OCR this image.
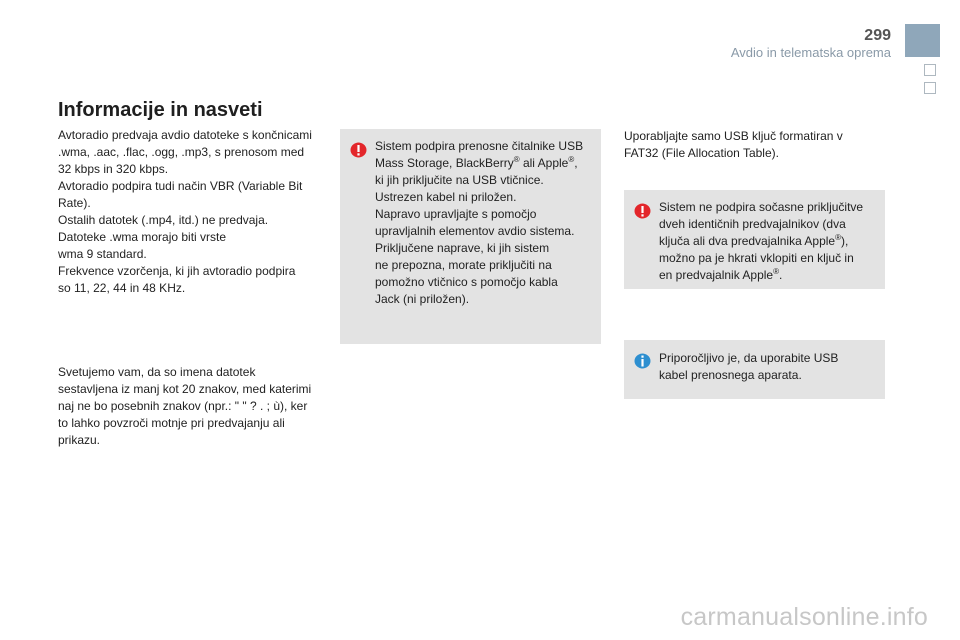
299
Avdio in telematska oprema
Informacije in nasveti
Avtoradio predvaja avdio datoteke s končnicami
.wma, .aac, .flac, .ogg, .mp3, s prenosom med
32 kbps in 320 kbps.
Avtoradio podpira tudi način VBR (Variable Bit
Rate).
Ostalih datotek (.mp4, itd.) ne predvaja.
Datoteke .wma morajo biti vrste
wma 9 standard.
Frekvence vzorčenja, ki jih avtoradio podpira
so 11, 22, 44 in 48 KHz.
Svetujemo vam, da so imena datotek
sestavljena iz manj kot 20 znakov, med katerimi
naj ne bo posebnih znakov (npr.: " " ? . ; ù), ker
to lahko povzroči motnje pri predvajanju ali
prikazu.
Sistem podpira prenosne čitalnike USB
Mass Storage, BlackBerry® ali Apple®,
ki jih priključite na USB vtičnice.
Ustrezen kabel ni priložen.
Napravo upravljajte s pomočjo
upravljalnih elementov avdio sistema.
Priključene naprave, ki jih sistem
ne prepozna, morate priključiti na
pomožno vtičnico s pomočjo kabla
Jack (ni priložen).
Uporabljajte samo USB ključ formatiran v
FAT32 (File Allocation Table).
Sistem ne podpira sočasne priključitve
dveh identičnih predvajalnikov (dva
ključa ali dva predvajalnika Apple®),
možno pa je hkrati vklopiti en ključ in
en predvajalnik Apple®.
Priporočljivo je, da uporabite USB
kabel prenosnega aparata.
carmanualsonline.info
